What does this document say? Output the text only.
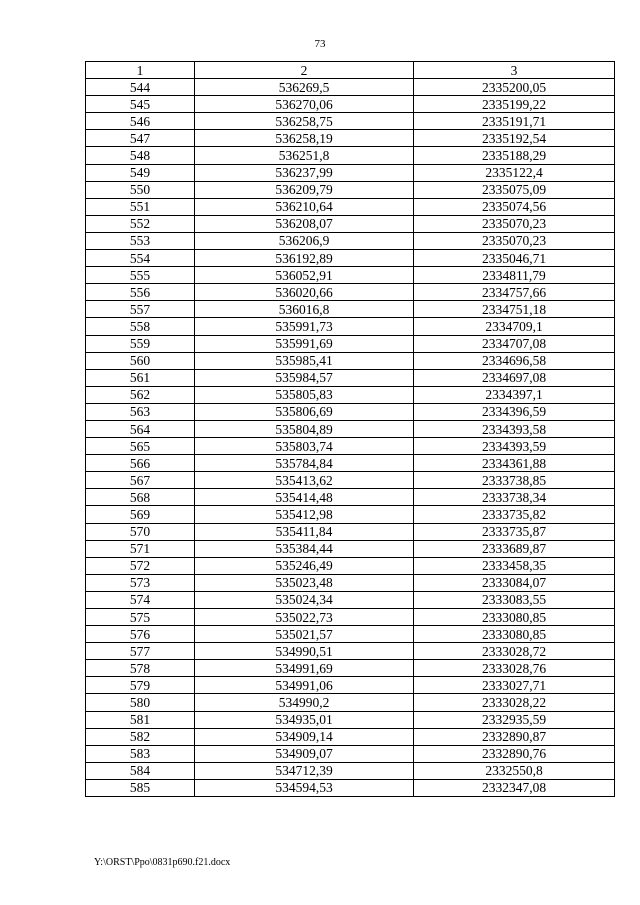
73
1	2	3
544	536269,5	2335200,05
545	536270,06	2335199,22
546	536258,75	2335191,71
547	536258,19	2335192,54
548	536251,8	2335188,29
549	536237,99	2335122,4
550	536209,79	2335075,09
551	536210,64	2335074,56
552	536208,07	2335070,23
553	536206,9	2335070,23
554	536192,89	2335046,71
555	536052,91	2334811,79
556	536020,66	2334757,66
557	536016,8	2334751,18
558	535991,73	2334709,1
559	535991,69	2334707,08
560	535985,41	2334696,58
561	535984,57	2334697,08
562	535805,83	2334397,1
563	535806,69	2334396,59
564	535804,89	2334393,58
565	535803,74	2334393,59
566	535784,84	2334361,88
567	535413,62	2333738,85
568	535414,48	2333738,34
569	535412,98	2333735,82
570	535411,84	2333735,87
571	535384,44	2333689,87
572	535246,49	2333458,35
573	535023,48	2333084,07
574	535024,34	2333083,55
575	535022,73	2333080,85
576	535021,57	2333080,85
577	534990,51	2333028,72
578	534991,69	2333028,76
579	534991,06	2333027,71
580	534990,2	2333028,22
581	534935,01	2332935,59
582	534909,14	2332890,87
583	534909,07	2332890,76
584	534712,39	2332550,8
585	534594,53	2332347,08
Y:\ORST\Ppo\0831p690.f21.docx
